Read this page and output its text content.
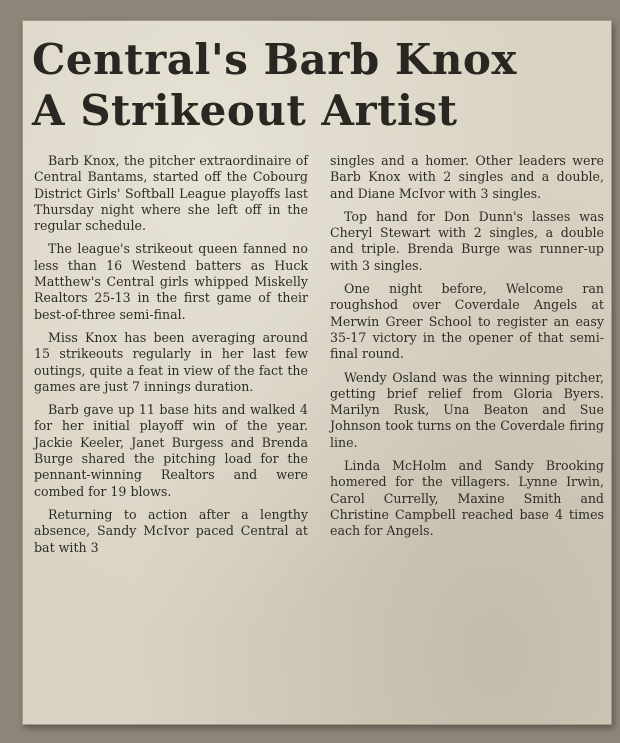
Central's Barb Knox
A Strikeout Artist

Barb Knox, the pitcher extraordinaire of Central Bantams, started off the Cobourg District Girls' Softball League playoffs last Thursday night where she left off in the regular schedule.

The league's strikeout queen fanned no less than 16 Westend batters as Huck Matthew's Central girls whipped Miskelly Realtors 25-13 in the first game of their best-of-three semi-final.

Miss Knox has been averaging around 15 strikeouts regularly in her last few outings, quite a feat in view of the fact the games are just 7 innings duration.

Barb gave up 11 base hits and walked 4 for her initial playoff win of the year. Jackie Keeler, Janet Burgess and Brenda Burge shared the pitching load for the pennant-winning Realtors and were combed for 19 blows.

Returning to action after a lengthy absence, Sandy McIvor paced Central at bat with 3

singles and a homer. Other leaders were Barb Knox with 2 singles and a double, and Diane McIvor with 3 singles.

Top hand for Don Dunn's lasses was Cheryl Stewart with 2 singles, a double and triple. Brenda Burge was runner-up with 3 singles.

One night before, Welcome ran roughshod over Coverdale Angels at Merwin Greer School to register an easy 35-17 victory in the opener of that semi-final round.

Wendy Osland was the winning pitcher, getting brief relief from Gloria Byers. Marilyn Rusk, Una Beaton and Sue Johnson took turns on the Coverdale firing line.

Linda McHolm and Sandy Brooking homered for the villagers. Lynne Irwin, Carol Currelly, Maxine Smith and Christine Campbell reached base 4 times each for Angels.
